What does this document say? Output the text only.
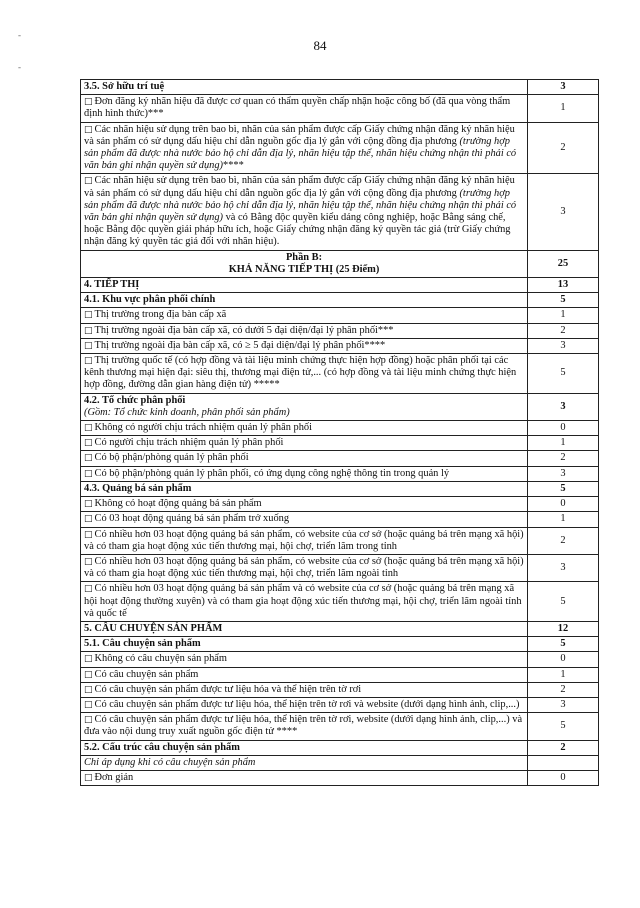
-
-
84
3.5. Sở hữu trí tuệ	3
□ Đơn đăng ký nhãn hiệu đã được cơ quan có thẩm quyền chấp nhận hoặc công bố (đã qua vòng thẩm định hình thức)***	1
□ Các nhãn hiệu sử dụng trên bao bì, nhãn của sản phẩm được cấp Giấy chứng nhận đăng ký nhãn hiệu và sản phẩm có sử dụng dấu hiệu chỉ dẫn nguồn gốc địa lý gắn với cộng đồng địa phương (trường hợp sản phẩm đã được nhà nước bảo hộ chỉ dẫn địa lý, nhãn hiệu tập thể, nhãn hiệu chứng nhận thì phải có văn bản ghi nhận quyền sử dụng)****	2
□ Các nhãn hiệu sử dụng trên bao bì, nhãn của sản phẩm được cấp Giấy chứng nhận đăng ký nhãn hiệu và sản phẩm có sử dụng dấu hiệu chỉ dẫn nguồn gốc địa lý gắn với cộng đồng địa phương (trường hợp sản phẩm đã được nhà nước bảo hộ chỉ dẫn địa lý, nhãn hiệu tập thể, nhãn hiệu chứng nhận thì phải có văn bản ghi nhận quyền sử dụng) và có Bằng độc quyền kiểu dáng công nghiệp, hoặc Bằng sáng chế, hoặc Bằng độc quyền giải pháp hữu ích, hoặc Giấy chứng nhận đăng ký quyền tác giả (trừ Giấy chứng nhận đăng ký quyền tác giả đối với nhãn hiệu).	3
Phần B:
KHẢ NĂNG TIẾP THỊ (25 Điểm)	25
4. TIẾP THỊ	13
4.1. Khu vực phân phối chính	5
□ Thị trường trong địa bàn cấp xã	1
□ Thị trường ngoài địa bàn cấp xã, có dưới 5 đại diện/đại lý phân phối***	2
□ Thị trường ngoài địa bàn cấp xã, có ≥ 5 đại diện/đại lý phân phối****	3
□ Thị trường quốc tế (có hợp đồng và tài liệu minh chứng thực hiện hợp đồng) hoặc phân phối tại các kênh thương mại hiện đại: siêu thị, thương mại điện tử,... (có hợp đồng và tài liệu minh chứng thực hiện hợp đồng, đường dẫn gian hàng điện tử) *****	5
4.2. Tổ chức phân phối
(Gồm: Tổ chức kinh doanh, phân phối sản phẩm)	3
□ Không có người chịu trách nhiệm quản lý phân phối	0
□ Có người chịu trách nhiệm quản lý phân phối	1
□ Có bộ phận/phòng quản lý phân phối	2
□ Có bộ phận/phòng quản lý phân phối, có ứng dụng công nghệ thông tin trong quản lý	3
4.3. Quảng bá sản phẩm	5
□ Không có hoạt động quảng bá sản phẩm	0
□ Có 03 hoạt động quảng bá sản phẩm trở xuống	1
□ Có nhiều hơn 03 hoạt động quảng bá sản phẩm, có website của cơ sở (hoặc quảng bá trên mạng xã hội) và có tham gia hoạt động xúc tiến thương mại, hội chợ, triển lãm trong tỉnh	2
□ Có nhiều hơn 03 hoạt động quảng bá sản phẩm, có website của cơ sở (hoặc quảng bá trên mạng xã hội) và có tham gia hoạt động xúc tiến thương mại, hội chợ, triển lãm ngoài tỉnh	3
□ Có nhiều hơn 03 hoạt động quảng bá sản phẩm và có website của cơ sở (hoặc quảng bá trên mạng xã hội hoạt động thường xuyên) và có tham gia hoạt động xúc tiến thương mại, hội chợ, triển lãm ngoài tỉnh và quốc tế	5
5. CÂU CHUYỆN SẢN PHẨM	12
5.1. Câu chuyện sản phẩm	5
□ Không có câu chuyện sản phẩm	0
□ Có câu chuyện sản phẩm	1
□ Có câu chuyện sản phẩm được tư liệu hóa và thể hiện trên tờ rơi	2
□ Có câu chuyện sản phẩm được tư liệu hóa, thể hiện trên tờ rơi và website (dưới dạng hình ảnh, clip,...)	3
□ Có câu chuyện sản phẩm được tư liệu hóa, thể hiện trên tờ rơi, website (dưới dạng hình ảnh, clip,...) và đưa vào nội dung truy xuất nguồn gốc điện tử ****	5
5.2. Cấu trúc câu chuyện sản phẩm	2
Chỉ áp dụng khi có câu chuyện sản phẩm	
□ Đơn giản	0
